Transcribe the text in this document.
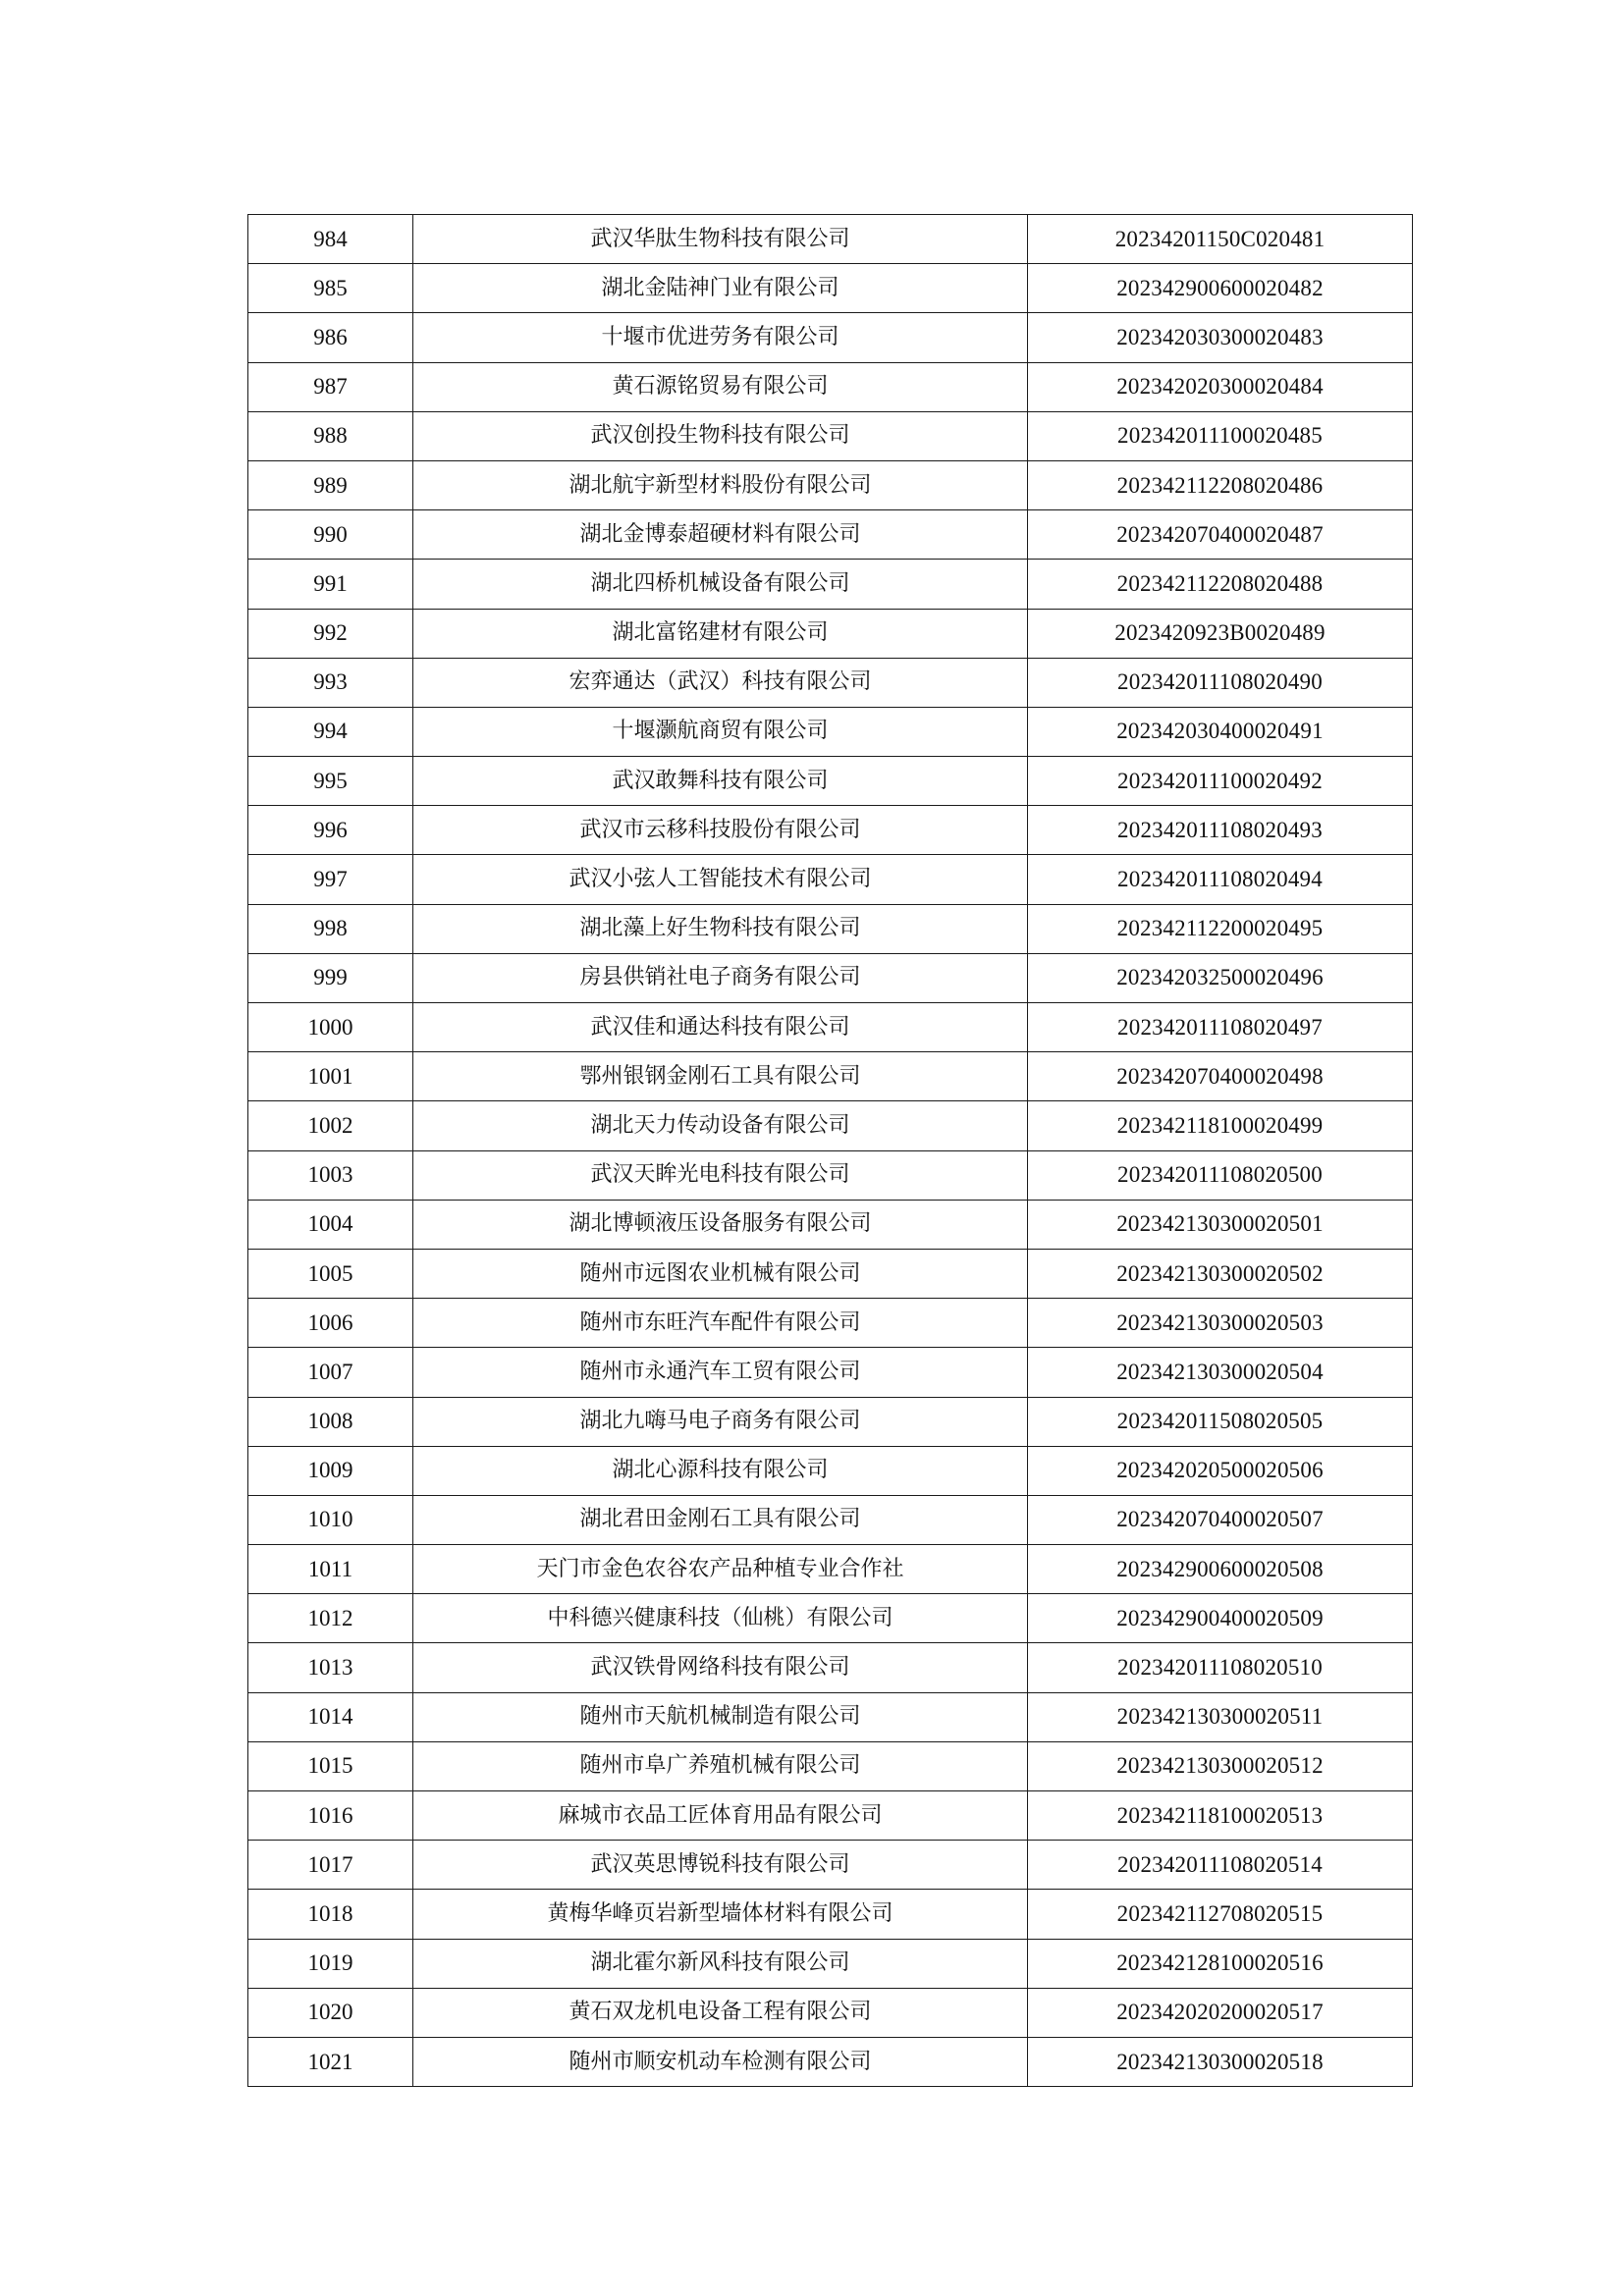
984	武汉华肽生物科技有限公司	20234201150C020481
985	湖北金陆神门业有限公司	202342900600020482
986	十堰市优进劳务有限公司	202342030300020483
987	黄石源铭贸易有限公司	202342020300020484
988	武汉创投生物科技有限公司	202342011100020485
989	湖北航宇新型材料股份有限公司	202342112208020486
990	湖北金博泰超硬材料有限公司	202342070400020487
991	湖北四桥机械设备有限公司	202342112208020488
992	湖北富铭建材有限公司	2023420923B0020489
993	宏弈通达（武汉）科技有限公司	202342011108020490
994	十堰灏航商贸有限公司	202342030400020491
995	武汉敢舞科技有限公司	202342011100020492
996	武汉市云移科技股份有限公司	202342011108020493
997	武汉小弦人工智能技术有限公司	202342011108020494
998	湖北藻上好生物科技有限公司	202342112200020495
999	房县供销社电子商务有限公司	202342032500020496
1000	武汉佳和通达科技有限公司	202342011108020497
1001	鄂州银钢金刚石工具有限公司	202342070400020498
1002	湖北天力传动设备有限公司	202342118100020499
1003	武汉天眸光电科技有限公司	202342011108020500
1004	湖北博顿液压设备服务有限公司	202342130300020501
1005	随州市远图农业机械有限公司	202342130300020502
1006	随州市东旺汽车配件有限公司	202342130300020503
1007	随州市永通汽车工贸有限公司	202342130300020504
1008	湖北九嗨马电子商务有限公司	202342011508020505
1009	湖北心源科技有限公司	202342020500020506
1010	湖北君田金刚石工具有限公司	202342070400020507
1011	天门市金色农谷农产品种植专业合作社	202342900600020508
1012	中科德兴健康科技（仙桃）有限公司	202342900400020509
1013	武汉铁骨网络科技有限公司	202342011108020510
1014	随州市天航机械制造有限公司	202342130300020511
1015	随州市阜广养殖机械有限公司	202342130300020512
1016	麻城市衣品工匠体育用品有限公司	202342118100020513
1017	武汉英思博锐科技有限公司	202342011108020514
1018	黄梅华峰页岩新型墙体材料有限公司	202342112708020515
1019	湖北霍尔新风科技有限公司	202342128100020516
1020	黄石双龙机电设备工程有限公司	202342020200020517
1021	随州市顺安机动车检测有限公司	202342130300020518
